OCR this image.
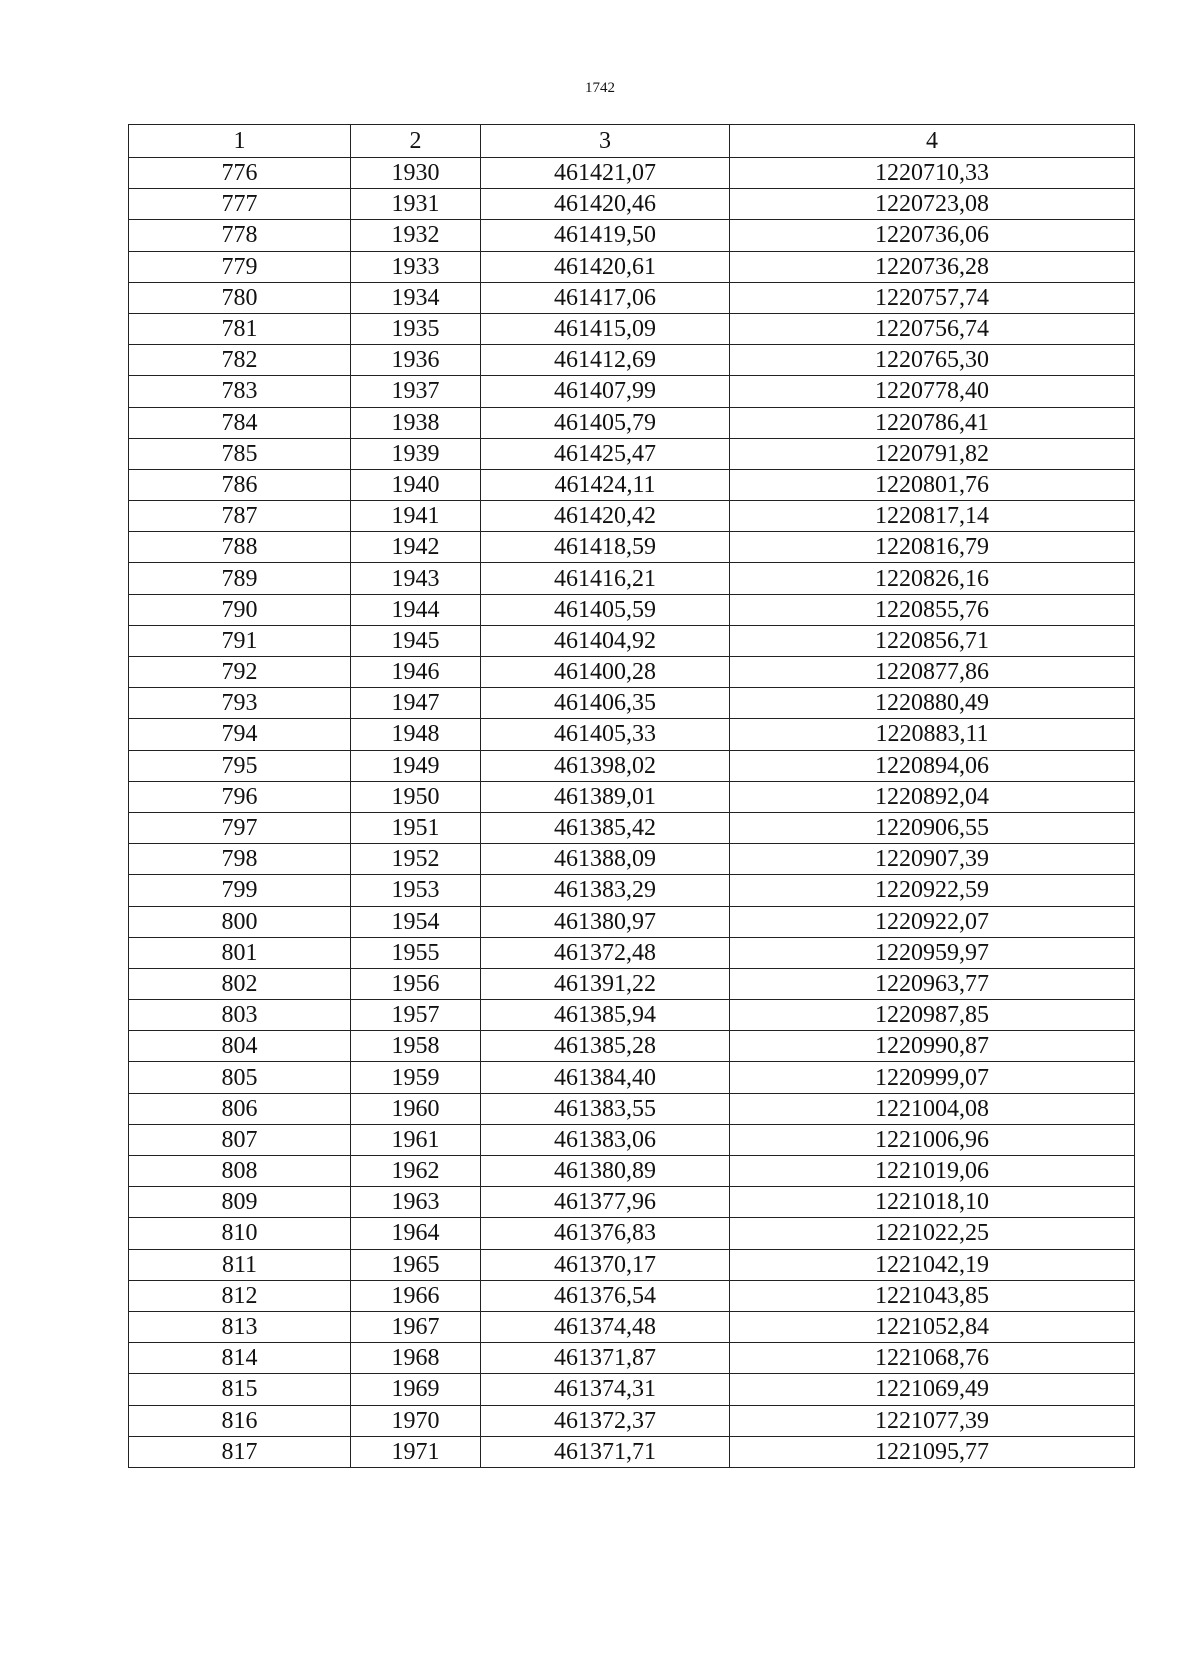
1742
1	2	3	4
776	1930	461421,07	1220710,33
777	1931	461420,46	1220723,08
778	1932	461419,50	1220736,06
779	1933	461420,61	1220736,28
780	1934	461417,06	1220757,74
781	1935	461415,09	1220756,74
782	1936	461412,69	1220765,30
783	1937	461407,99	1220778,40
784	1938	461405,79	1220786,41
785	1939	461425,47	1220791,82
786	1940	461424,11	1220801,76
787	1941	461420,42	1220817,14
788	1942	461418,59	1220816,79
789	1943	461416,21	1220826,16
790	1944	461405,59	1220855,76
791	1945	461404,92	1220856,71
792	1946	461400,28	1220877,86
793	1947	461406,35	1220880,49
794	1948	461405,33	1220883,11
795	1949	461398,02	1220894,06
796	1950	461389,01	1220892,04
797	1951	461385,42	1220906,55
798	1952	461388,09	1220907,39
799	1953	461383,29	1220922,59
800	1954	461380,97	1220922,07
801	1955	461372,48	1220959,97
802	1956	461391,22	1220963,77
803	1957	461385,94	1220987,85
804	1958	461385,28	1220990,87
805	1959	461384,40	1220999,07
806	1960	461383,55	1221004,08
807	1961	461383,06	1221006,96
808	1962	461380,89	1221019,06
809	1963	461377,96	1221018,10
810	1964	461376,83	1221022,25
811	1965	461370,17	1221042,19
812	1966	461376,54	1221043,85
813	1967	461374,48	1221052,84
814	1968	461371,87	1221068,76
815	1969	461374,31	1221069,49
816	1970	461372,37	1221077,39
817	1971	461371,71	1221095,77
